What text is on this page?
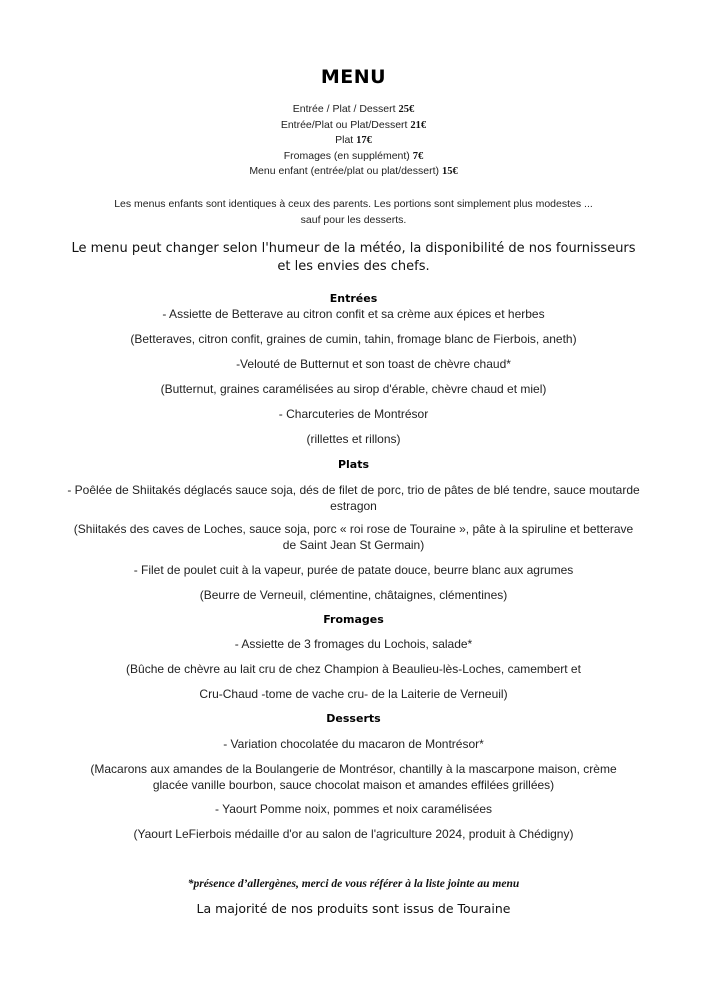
MENU
Entrée / Plat / Dessert 25€
Entrée/Plat ou Plat/Dessert 21€
Plat 17€
Fromages (en supplément) 7€
Menu enfant (entrée/plat ou plat/dessert) 15€
Les menus enfants sont identiques à ceux des parents. Les portions sont simplement plus modestes ...
sauf pour les desserts.
Le menu peut changer selon l'humeur de la météo, la disponibilité de nos fournisseurs
et les envies des chefs.
Entrées
- Assiette de Betterave au citron confit et sa crème aux épices et herbes
(Betteraves, citron confit, graines de cumin, tahin, fromage blanc de Fierbois, aneth)
-Velouté de Butternut et son toast de chèvre chaud*
(Butternut, graines caramélisées au sirop d'érable, chèvre chaud et miel)
- Charcuteries de Montrésor
(rillettes et rillons)
Plats
- Poêlée de Shiitakés déglacés sauce soja, dés de filet de porc, trio de pâtes de blé tendre, sauce moutarde
estragon
(Shiitakés des caves de Loches, sauce soja, porc « roi rose de Touraine », pâte à la spiruline et betterave
de Saint Jean St Germain)
- Filet de poulet cuit à la vapeur, purée de patate douce, beurre blanc aux agrumes
(Beurre de Verneuil, clémentine, châtaignes, clémentines)
Fromages
- Assiette de 3 fromages du Lochois, salade*
(Bûche de chèvre au lait cru de chez Champion à Beaulieu-lès-Loches, camembert et
Cru-Chaud -tome de vache cru- de la Laiterie de Verneuil)
Desserts
- Variation chocolatée du macaron de Montrésor*
(Macarons aux amandes de la Boulangerie de Montrésor, chantilly à la mascarpone maison, crème
glacée vanille bourbon, sauce chocolat maison et amandes effilées grillées)
- Yaourt Pomme noix, pommes et noix caramélisées
(Yaourt LeFierbois médaille d'or au salon de l'agriculture 2024, produit à Chédigny)
*présence d’allergènes, merci de vous référer à la liste jointe au menu
La majorité de nos produits sont issus de Touraine
